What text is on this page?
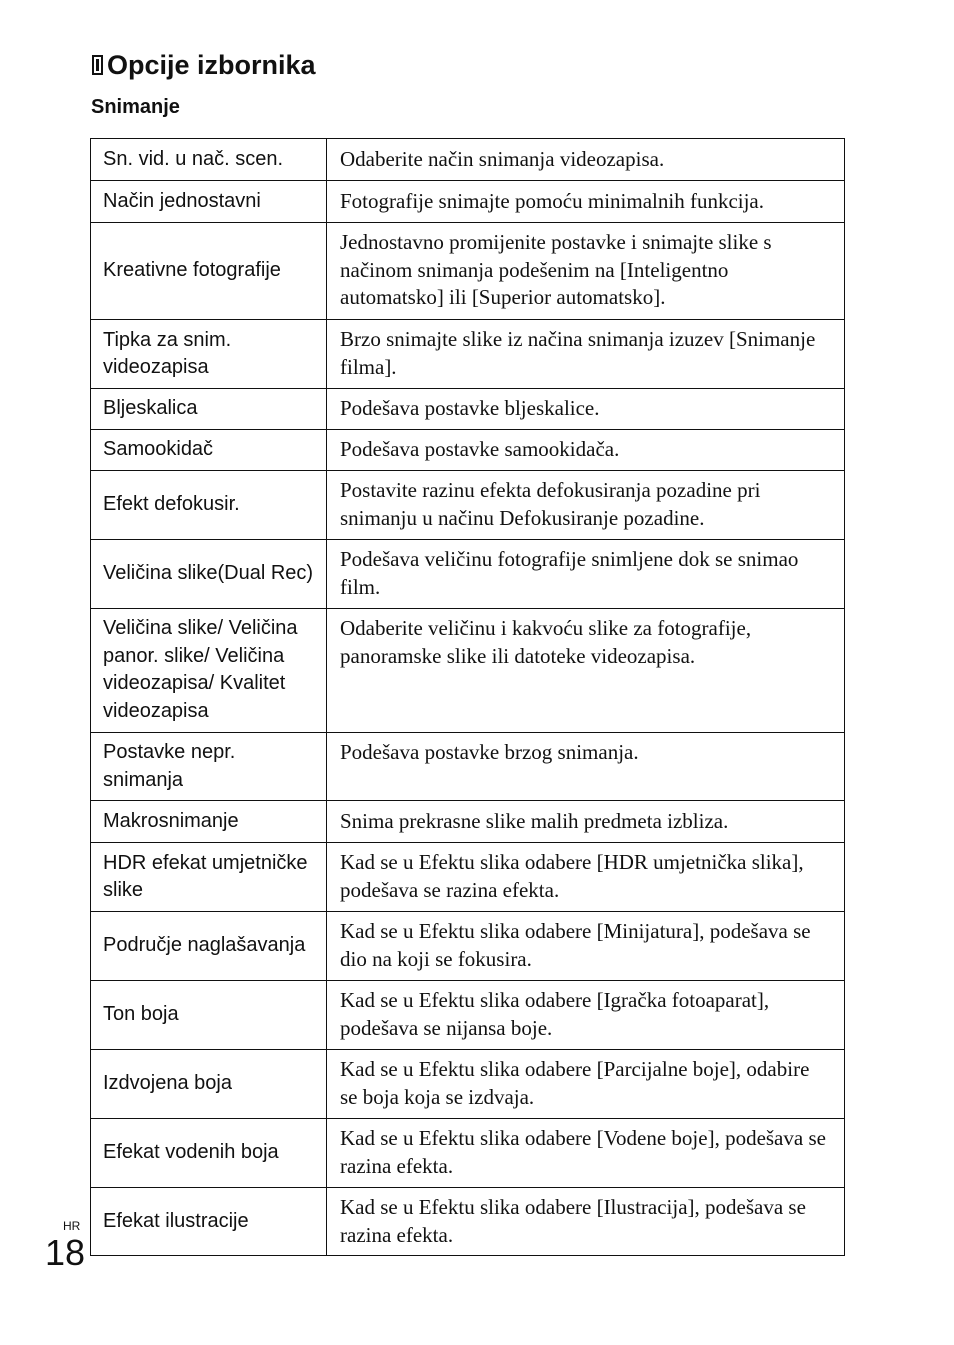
Opcije izbornika
Snimanje
Sn. vid. u nač. scen.	Odaberite način snimanja videozapisa.
Način jednostavni	Fotografije snimajte pomoću minimalnih funkcija.
Kreativne fotografije	Jednostavno promijenite postavke i snimajte slike s načinom snimanja podešenim na [Inteligentno automatsko] ili [Superior automatsko].
Tipka za snim. videozapisa	Brzo snimajte slike iz načina snimanja izuzev [Snimanje filma].
Bljeskalica	Podešava postavke bljeskalice.
Samookidač	Podešava postavke samookidača.
Efekt defokusir.	Postavite razinu efekta defokusiranja pozadine pri snimanju u načinu Defokusiranje pozadine.
Veličina slike(Dual Rec)	Podešava veličinu fotografije snimljene dok se snimao film.
Veličina slike/ Veličina panor. slike/ Veličina videozapisa/ Kvalitet videozapisa	Odaberite veličinu i kakvoću slike za fotografije, panoramske slike ili datoteke videozapisa.
Postavke nepr. snimanja	Podešava postavke brzog snimanja.
Makrosnimanje	Snima prekrasne slike malih predmeta izbliza.
HDR efekat umjetničke slike	Kad se u Efektu slika odabere [HDR umjetnička slika], podešava se razina efekta.
Područje naglašavanja	Kad se u Efektu slika odabere [Minijatura], podešava se dio na koji se fokusira.
Ton boja	Kad se u Efektu slika odabere [Igračka fotoaparat], podešava se nijansa boje.
Izdvojena boja	Kad se u Efektu slika odabere [Parcijalne boje], odabire se boja koja se izdvaja.
Efekat vodenih boja	Kad se u Efektu slika odabere [Vodene boje], podešava se razina efekta.
Efekat ilustracije	Kad se u Efektu slika odabere [Ilustracija], podešava se razina efekta.
HR
18
